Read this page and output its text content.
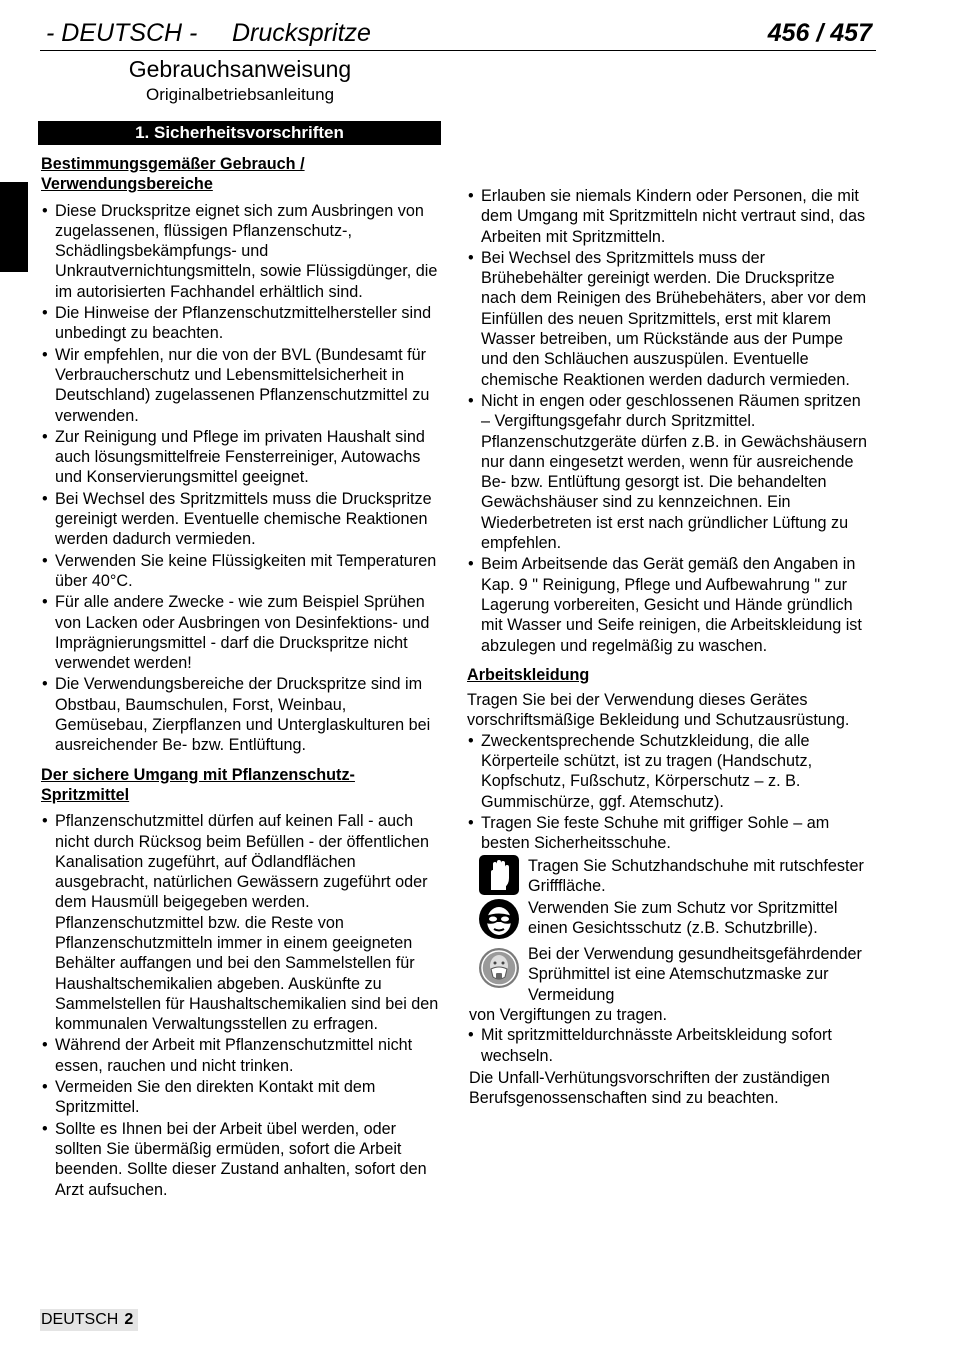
- DEUTSCH - Druckspritze	456 / 457
Gebrauchsanweisung
Originalbetriebsanleitung
1. Sicherheitsvorschriften

Bestimmungsgemäßer Gebrauch / Verwendungsbereiche

• Diese Druckspritze eignet sich zum Ausbringen von zugelassenen, flüssigen Pflanzenschutz-, Schädlingsbekämpfungs- und Unkrautvernichtungsmitteln, sowie Flüssigdünger, die im autorisierten Fachhandel erhältlich sind.
• Die Hinweise der Pflanzenschutzmittelhersteller sind unbedingt zu beachten.
• Wir empfehlen, nur die von der BVL (Bundesamt für Verbraucherschutz und Lebensmittelsicherheit in Deutschland) zugelassenen Pflanzenschutzmittel zu verwenden.
• Zur Reinigung und Pflege im privaten Haushalt sind auch lösungsmittelfreie Fensterreiniger, Autowachs und Konservierungsmittel geeignet.
• Bei Wechsel des Spritzmittels muss die Druckspritze gereinigt werden. Eventuelle chemische Reaktionen werden dadurch vermieden.
• Verwenden Sie keine Flüssigkeiten mit Temperaturen über 40°C.
• Für alle andere Zwecke - wie zum Beispiel Sprühen von Lacken oder Ausbringen von Desinfektions- und Imprägnierungsmittel - darf die Druckspritze nicht verwendet werden!
• Die Verwendungsbereiche der Druckspritze sind im Obstbau, Baumschulen, Forst, Weinbau, Gemüsebau, Zierpflanzen und Unterglaskulturen bei ausreichender Be- bzw. Entlüftung.

Der sichere Umgang mit Pflanzenschutz-Spritzmittel

• Pflanzenschutzmittel dürfen auf keinen Fall - auch nicht durch Rücksog beim Befüllen - der öffentlichen Kanalisation zugeführt, auf Ödlandflächen ausgebracht, natürlichen Gewässern zugeführt oder dem Hausmüll beigegeben werden. Pflanzenschutzmittel bzw. die Reste von Pflanzenschutzmitteln immer in einem geeigneten Behälter auffangen und bei den Sammelstellen für Haushaltschemikalien abgeben. Auskünfte zu Sammelstellen für Haushaltschemikalien sind bei den kommunalen Verwaltungsstellen zu erfragen.
• Während der Arbeit mit Pflanzenschutzmittel nicht essen, rauchen und nicht trinken.
• Vermeiden Sie den direkten Kontakt mit dem Spritzmittel.
• Sollte es Ihnen bei der Arbeit übel werden, oder sollten Sie übermäßig ermüden, sofort die Arbeit beenden. Sollte dieser Zustand anhalten, sofort den Arzt aufsuchen.
• Erlauben sie niemals Kindern oder Personen, die mit dem Umgang mit Spritzmitteln nicht vertraut sind, das Arbeiten mit Spritzmitteln.
• Bei Wechsel des Spritzmittels muss der Brühebehälter gereinigt werden. Die Druckspritze nach dem Reinigen des Brühebehäters, aber vor dem Einfüllen des neuen Spritzmittels, erst mit klarem Wasser betreiben, um Rückstände aus der Pumpe und den Schläuchen auszuspülen. Eventuelle chemische Reaktionen werden dadurch vermieden.
• Nicht in engen oder geschlossenen Räumen spritzen – Vergiftungsgefahr durch Spritzmittel. Pflanzenschutzgeräte dürfen z.B. in Gewächshäusern nur dann eingesetzt werden, wenn für ausreichende Be- bzw. Entlüftung gesorgt ist. Die behandelten Gewächshäuser sind zu kennzeichnen. Ein Wiederbetreten ist erst nach gründlicher Lüftung zu empfehlen.
• Beim Arbeitsende das Gerät gemäß den Angaben in Kap. 9 " Reinigung, Pflege und Aufbewahrung " zur Lagerung vorbereiten, Gesicht und Hände gründlich mit Wasser und Seife reinigen, die Arbeitskleidung ist abzulegen und regelmäßig zu waschen.

Arbeitskleidung

Tragen Sie bei der Verwendung dieses Gerätes vorschriftsmäßige Bekleidung und Schutzausrüstung.

• Zweckentsprechende Schutzkleidung, die alle Körperteile schützt, ist zu tragen (Handschutz, Kopfschutz, Fußschutz, Körperschutz – z. B. Gummischürze, ggf. Atemschutz).
• Tragen Sie feste Schuhe mit griffiger Sohle – am besten Sicherheitsschuhe.
Tragen Sie Schutzhandschuhe mit rutschfester Grifffläche.
Verwenden Sie zum Schutz vor Spritzmittel einen Gesichtsschutz (z.B. Schutzbrille).
Bei der Verwendung gesundheitsgefährdender Sprühmittel ist eine Atemschutzmaske zur Vermeidung

von Vergiftungen zu tragen.

• Mit spritzmitteldurchnässte Arbeitskleidung sofort wechseln.

Die Unfall-Verhütungsvorschriften der zuständigen Berufsgenossenschaften sind zu beachten.

DEUTSCH 2
